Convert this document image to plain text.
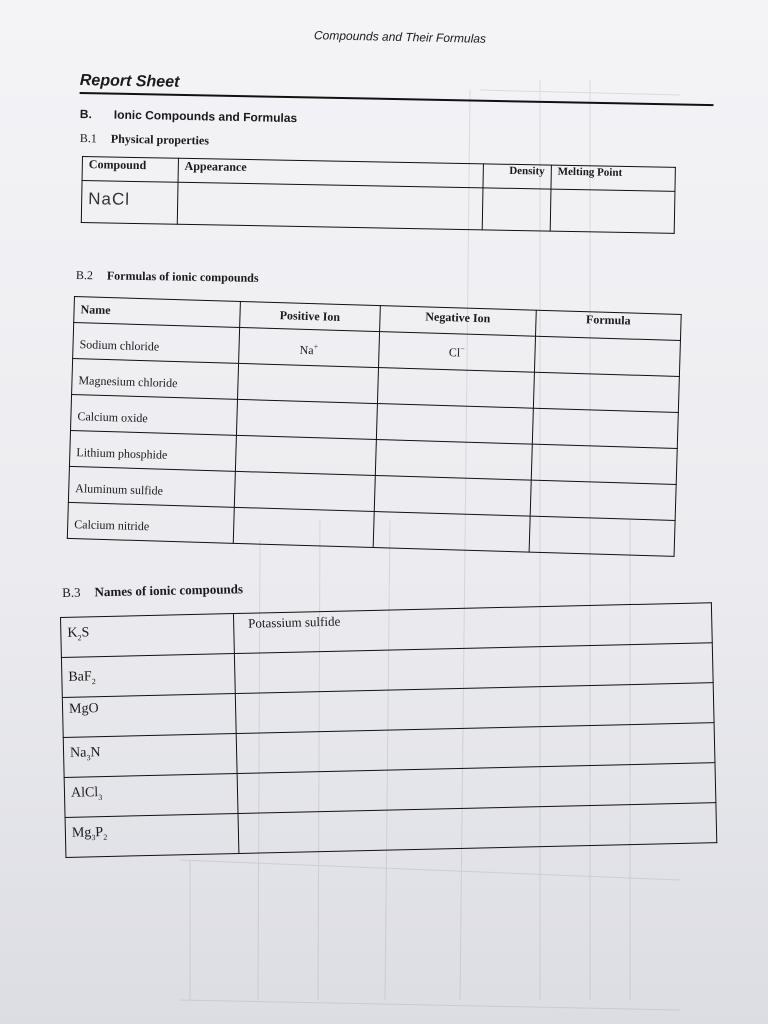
Compounds and Their Formulas
Report Sheet
B. Ionic Compounds and Formulas
B.1 Physical properties
Compound	Appearance	Density	Melting Point
NaCl			
B.2 Formulas of ionic compounds
Name	Positive Ion	Negative Ion	Formula
Sodium chloride	Na+	Cl−	
Magnesium chloride			
Calcium oxide			
Lithium phosphide			
Aluminum sulfide			
Calcium nitride			
B.3 Names of ionic compounds
$K_2S$	Potassium sulfide
BaF$_2$	
MgO	
$Na_3N$	
AlCl$_3$	
$Mg_3P_2$	
